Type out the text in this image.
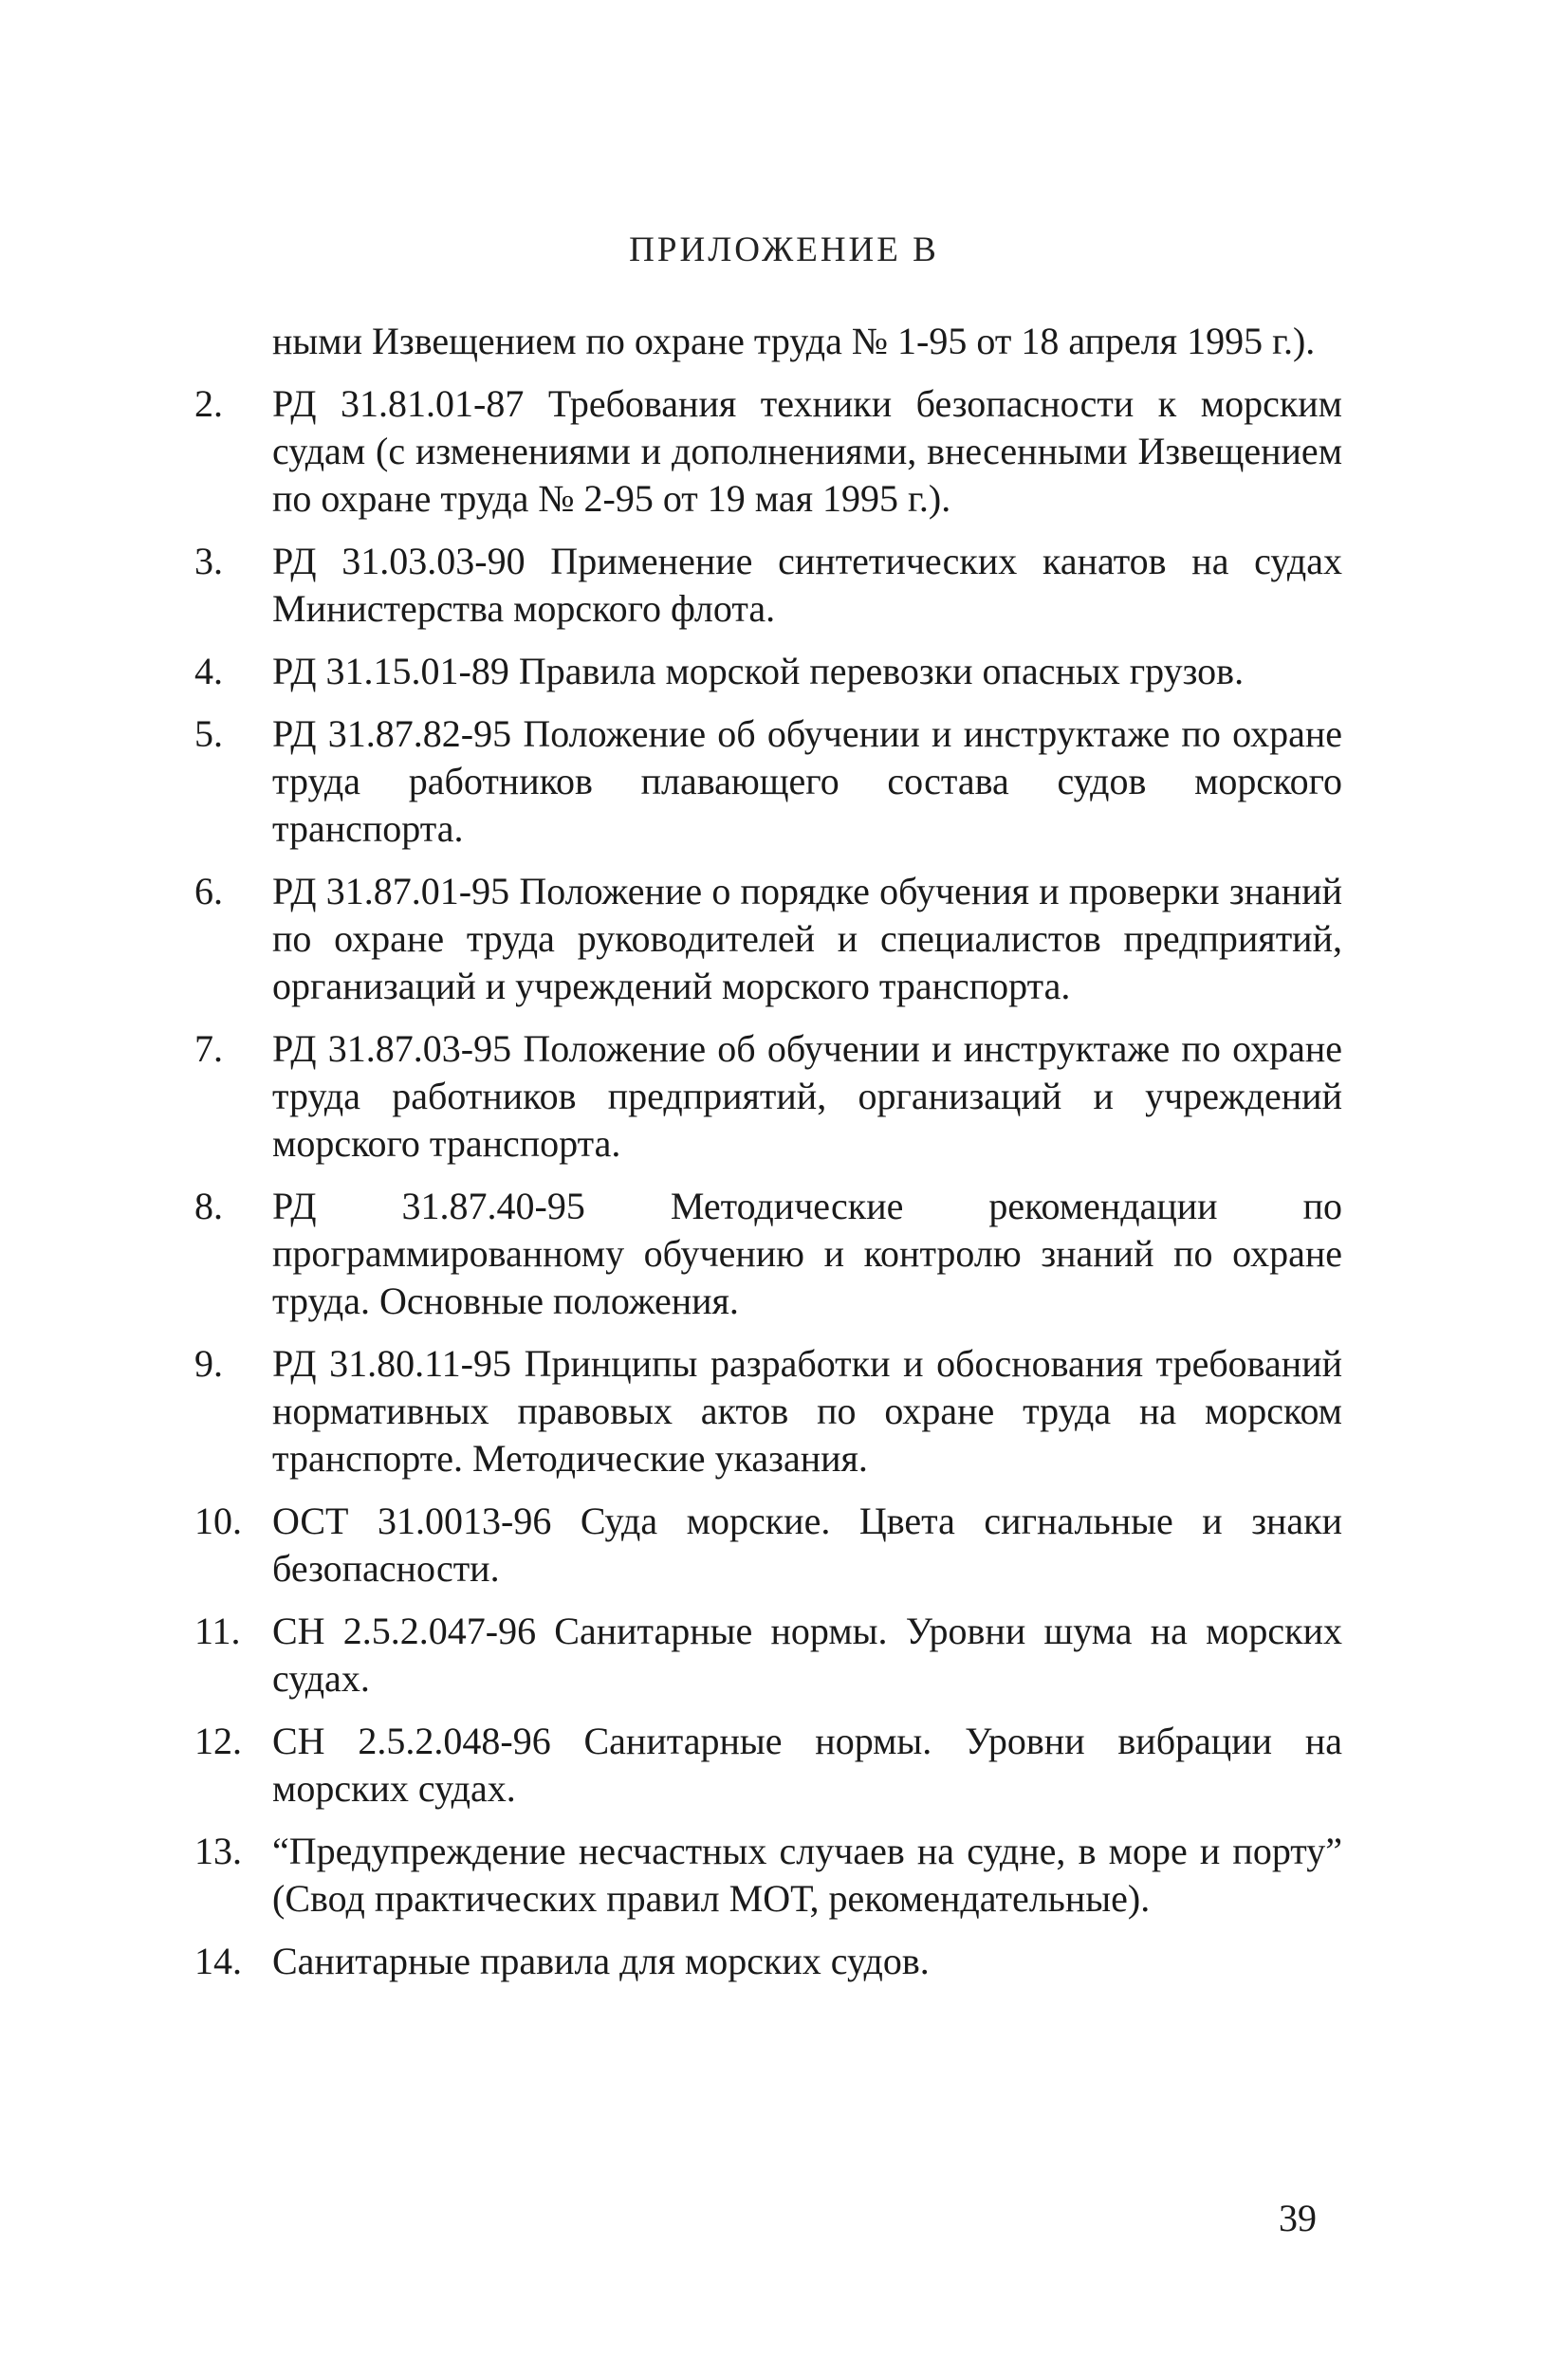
ПРИЛОЖЕНИЕ В
ными Извещением по охране труда № 1-95 от 18 апреля 1995 г.).
2.	РД 31.81.01-87 Требования техники безопасности к морским судам (с изменениями и дополнениями, внесенными Извещением по охране труда № 2-95 от 19 мая 1995 г.).
3.	РД 31.03.03-90 Применение синтетических канатов на судах Министерства морского флота.
4.	РД 31.15.01-89 Правила морской перевозки опасных грузов.
5.	РД 31.87.82-95 Положение об обучении и инструктаже по охране труда работников плавающего состава судов морского транспорта.
6.	РД 31.87.01-95 Положение о порядке обучения и проверки знаний по охране труда руководителей и специалистов предприятий, организаций и учреждений морского транспорта.
7.	РД 31.87.03-95 Положение об обучении и инструктаже по охране труда работников предприятий, организаций и учреждений морского транспорта.
8.	РД 31.87.40-95 Методические рекомендации по программированному обучению и контролю знаний по охране труда. Основные положения.
9.	РД 31.80.11-95 Принципы разработки и обоснования требований нормативных правовых актов по охране труда на морском транспорте. Методические указания.
10. ОСТ 31.0013-96 Суда морские. Цвета сигнальные и знаки безопасности.
11. СН 2.5.2.047-96 Санитарные нормы. Уровни шума на морских судах.
12. СН 2.5.2.048-96 Санитарные нормы. Уровни вибрации на морских судах.
13. “Предупреждение несчастных случаев на судне, в море и порту” (Свод практических правил МОТ, рекомендательные).
14. Санитарные правила для морских судов.
39
